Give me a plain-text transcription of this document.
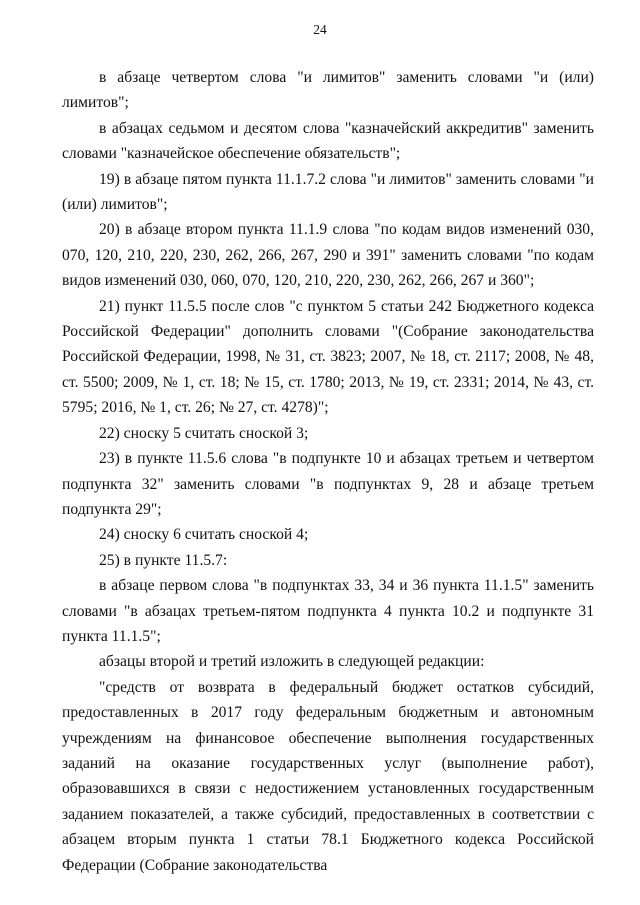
24

в абзаце четвертом слова "и лимитов" заменить словами "и (или) лимитов";

в абзацах седьмом и десятом слова "казначейский аккредитив" заменить словами "казначейское обеспечение обязательств";

19) в абзаце пятом пункта 11.1.7.2 слова "и лимитов" заменить словами "и (или) лимитов";

20) в абзаце втором пункта 11.1.9 слова "по кодам видов изменений 030, 070, 120, 210, 220, 230, 262, 266, 267, 290 и 391" заменить словами "по кодам видов изменений 030, 060, 070, 120, 210, 220, 230, 262, 266, 267 и 360";

21) пункт 11.5.5 после слов "с пунктом 5 статьи 242 Бюджетного кодекса Российской Федерации" дополнить словами "(Собрание законодательства Российской Федерации, 1998, № 31, ст. 3823; 2007, № 18, ст. 2117; 2008, № 48, ст. 5500; 2009, № 1, ст. 18; № 15, ст. 1780; 2013, № 19, ст. 2331; 2014, № 43, ст. 5795; 2016, № 1, ст. 26; № 27, ст. 4278)";

22) сноску 5 считать сноской 3;

23) в пункте 11.5.6 слова "в подпункте 10 и абзацах третьем и четвертом подпункта 32" заменить словами "в подпунктах 9, 28 и абзаце третьем подпункта 29";

24) сноску 6 считать сноской 4;

25) в пункте 11.5.7:

в абзаце первом слова "в подпунктах 33, 34 и 36 пункта 11.1.5" заменить словами "в абзацах третьем-пятом подпункта 4 пункта 10.2 и подпункте 31 пункта 11.1.5";

абзацы второй и третий изложить в следующей редакции:

"средств от возврата в федеральный бюджет остатков субсидий, предоставленных в 2017 году федеральным бюджетным и автономным учреждениям на финансовое обеспечение выполнения государственных заданий на оказание государственных услуг (выполнение работ), образовавшихся в связи с недостижением установленных государственным заданием показателей, а также субсидий, предоставленных в соответствии с абзацем вторым пункта 1 статьи 78.1 Бюджетного кодекса Российской Федерации (Собрание законодательства
